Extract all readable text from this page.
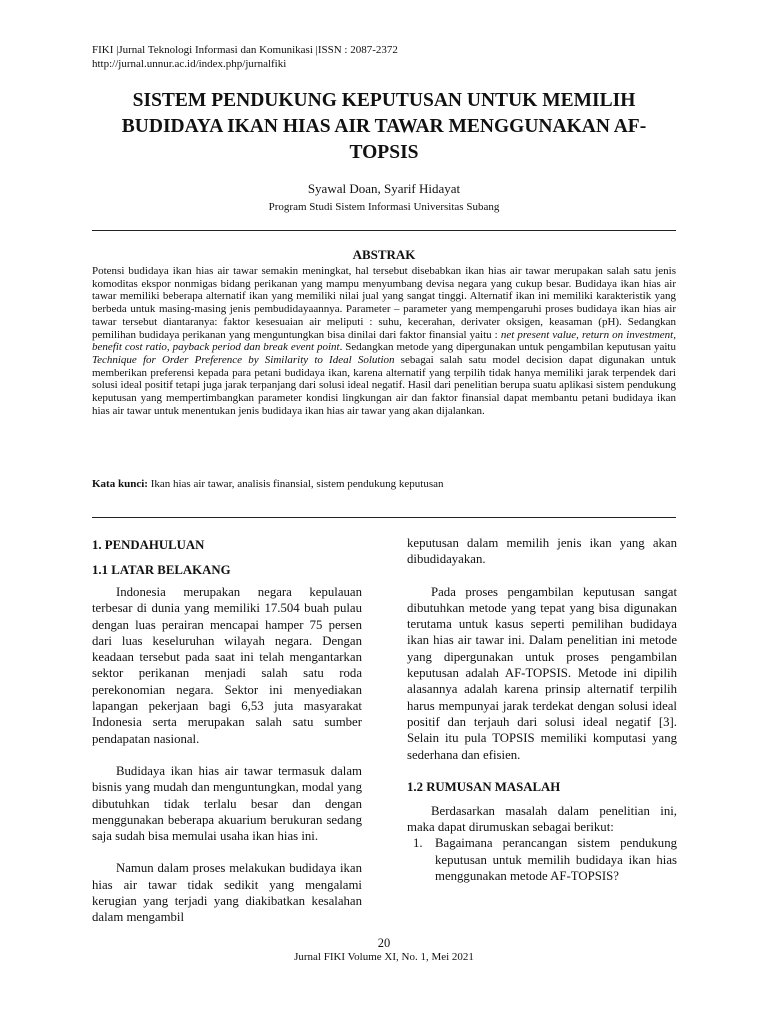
FIKI |Jurnal Teknologi Informasi dan Komunikasi |ISSN : 2087-2372
http://jurnal.unnur.ac.id/index.php/jurnalfiki
SISTEM PENDUKUNG KEPUTUSAN UNTUK MEMILIH
BUDIDAYA IKAN HIAS AIR TAWAR MENGGUNAKAN AF-
TOPSIS
Syawal Doan, Syarif Hidayat
Program Studi Sistem Informasi Universitas Subang
ABSTRAK

Potensi budidaya ikan hias air tawar semakin meningkat, hal tersebut disebabkan ikan hias air tawar merupakan salah satu jenis komoditas ekspor nonmigas bidang perikanan yang mampu menyumbang devisa negara yang cukup besar. Budidaya ikan hias air tawar memiliki beberapa alternatif ikan yang memiliki nilai jual yang sangat tinggi. Alternatif ikan ini memiliki karakteristik yang berbeda untuk masing-masing jenis pembudidayaannya. Parameter – parameter yang mempengaruhi proses budidaya ikan hias air tawar tersebut diantaranya: faktor kesesuaian air meliputi : suhu, kecerahan, derivater oksigen, keasaman (pH). Sedangkan pemilihan budidaya perikanan yang menguntungkan bisa dinilai dari faktor finansial yaitu : net present value, return on investment, benefit cost ratio, payback period dan break event point. Sedangkan metode yang dipergunakan untuk pengambilan keputusan yaitu Technique for Order Preference by Similarity to Ideal Solution sebagai salah satu model decision dapat digunakan untuk memberikan preferensi kepada para petani budidaya ikan, karena alternatif yang terpilih tidak hanya memiliki jarak terpendek dari solusi ideal positif tetapi juga jarak terpanjang dari solusi ideal negatif. Hasil dari penelitian berupa suatu aplikasi sistem pendukung keputusan yang mempertimbangkan parameter kondisi lingkungan air dan faktor finansial dapat membantu petani budidaya ikan hias air tawar untuk menentukan jenis budidaya ikan hias air tawar yang akan dijalankan.

Kata kunci: Ikan hias air tawar, analisis finansial, sistem pendukung keputusan

1. PENDAHULUAN

1.1 LATAR BELAKANG

Indonesia merupakan negara kepulauan terbesar di dunia yang memiliki 17.504 buah pulau dengan luas perairan mencapai hamper 75 persen dari luas keseluruhan wilayah negara. Dengan keadaan tersebut pada saat ini telah mengantarkan sektor perikanan menjadi salah satu roda perekonomian negara. Sektor ini menyediakan lapangan pekerjaan bagi 6,53 juta masyarakat Indonesia serta merupakan salah satu sumber pendapatan nasional.

Budidaya ikan hias air tawar termasuk dalam bisnis yang mudah dan menguntungkan, modal yang dibutuhkan tidak terlalu besar dan dengan menggunakan beberapa akuarium berukuran sedang saja sudah bisa memulai usaha ikan hias ini.

Namun dalam proses melakukan budidaya ikan hias air tawar tidak sedikit yang mengalami kerugian yang terjadi yang diakibatkan kesalahan dalam mengambil

keputusan dalam memilih jenis ikan yang akan dibudidayakan.

Pada proses pengambilan keputusan sangat dibutuhkan metode yang tepat yang bisa digunakan terutama untuk kasus seperti pemilihan budidaya ikan hias air tawar ini. Dalam penelitian ini metode yang dipergunakan untuk proses pengambilan keputusan adalah AF-TOPSIS. Metode ini dipilih alasannya adalah karena prinsip alternatif terpilih harus mempunyai jarak terdekat dengan solusi ideal positif dan terjauh dari solusi ideal negatif [3]. Selain itu pula TOPSIS memiliki komputasi yang sederhana dan efisien.

1.2 RUMUSAN MASALAH

Berdasarkan masalah dalam penelitian ini, maka dapat dirumuskan sebagai berikut:

1. Bagaimana perancangan sistem pendukung keputusan untuk memilih budidaya ikan hias menggunakan metode AF-TOPSIS?
20
Jurnal FIKI Volume XI, No. 1, Mei 2021
